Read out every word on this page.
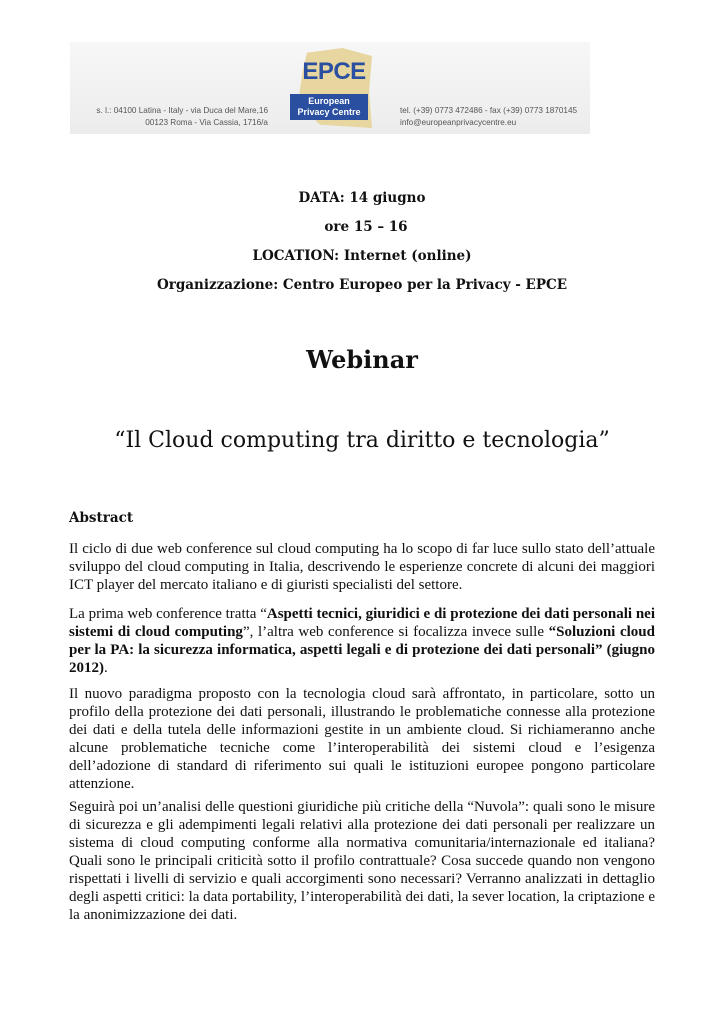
s. l.: 04100 Latina - Italy - via Duca del Mare,16
00123 Roma - Via Cassia, 1716/a
EPCE
European
Privacy Centre	tel. (+39) 0773 472486 - fax (+39) 0773 1870145
info@europeanprivacycentre.eu
DATA: 14 giugno
ore 15 – 16
LOCATION: Internet (online)
Organizzazione: Centro Europeo per la Privacy - EPCE
Webinar
“Il Cloud computing tra diritto e tecnologia”
Abstract

Il ciclo di due web conference sul cloud computing ha lo scopo di far luce sullo stato dell’attuale sviluppo del cloud computing in Italia, descrivendo le esperienze concrete di alcuni dei maggiori ICT player del mercato italiano e di giuristi specialisti del settore.

La prima web conference tratta “Aspetti tecnici, giuridici e di protezione dei dati personali nei sistemi di cloud computing”, l’altra web conference si focalizza invece sulle “Soluzioni cloud per la PA: la sicurezza informatica, aspetti legali e di protezione dei dati personali” (giugno 2012).

Il nuovo paradigma proposto con la tecnologia cloud sarà affrontato, in particolare, sotto un profilo della protezione dei dati personali, illustrando le problematiche connesse alla protezione dei dati e della tutela delle informazioni gestite in un ambiente cloud. Si richiameranno anche alcune problematiche tecniche come l’interoperabilità dei sistemi cloud e l’esigenza dell’adozione di standard di riferimento sui quali le istituzioni europee pongono particolare attenzione.

Seguirà poi un’analisi delle questioni giuridiche più critiche della “Nuvola”: quali sono le misure di sicurezza e gli adempimenti legali relativi alla protezione dei dati personali per realizzare un sistema di cloud computing conforme alla normativa comunitaria/internazionale ed italiana? Quali sono le principali criticità sotto il profilo contrattuale? Cosa succede quando non vengono rispettati i livelli di servizio e quali accorgimenti sono necessari? Verranno analizzati in dettaglio degli aspetti critici: la data portability, l’interoperabilità dei dati, la sever location, la criptazione e la anonimizzazione dei dati.
